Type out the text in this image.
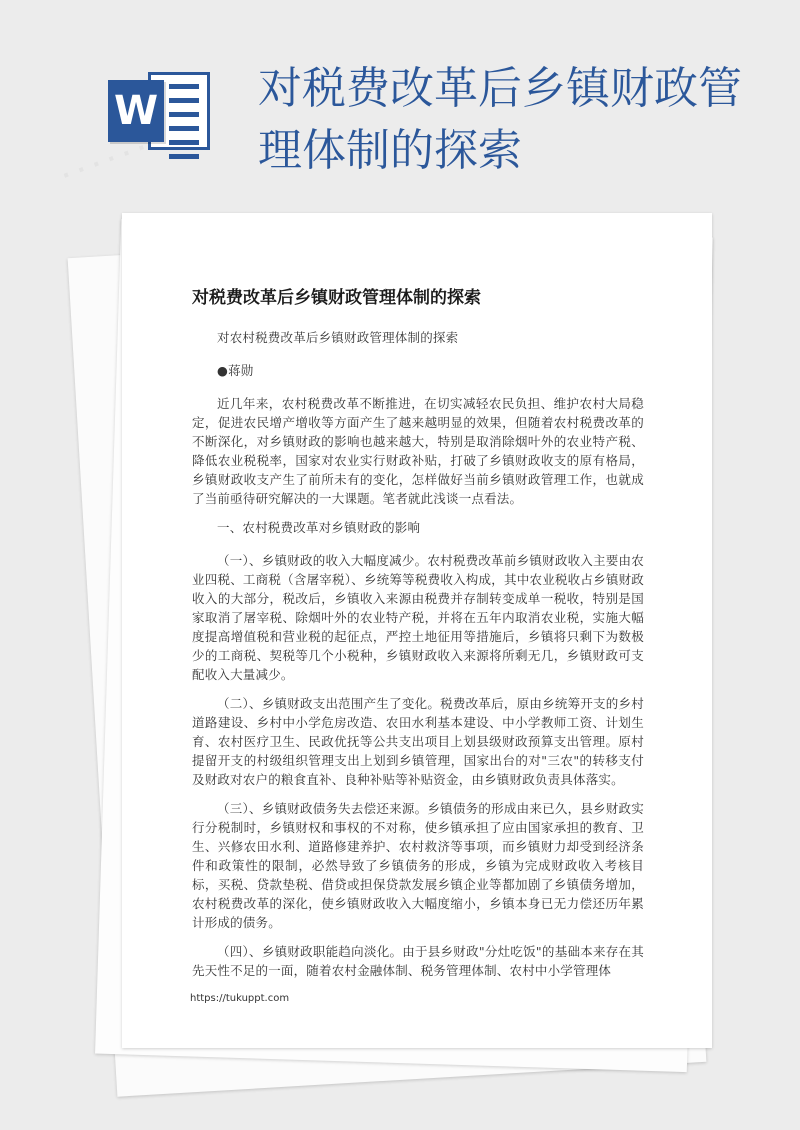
W 对税费改革后乡镇财政管理体制的探索
对税费改革后乡镇财政管理体制的探索

对农村税费改革后乡镇财政管理体制的探索

●蒋勋

近几年来，农村税费改革不断推进，在切实减轻农民负担、维护农村大局稳定，促进农民增产增收等方面产生了越来越明显的效果，但随着农村税费改革的不断深化，对乡镇财政的影响也越来越大，特别是取消除烟叶外的农业特产税、降低农业税税率，国家对农业实行财政补贴，打破了乡镇财政收支的原有格局，乡镇财政收支产生了前所未有的变化，怎样做好当前乡镇财政管理工作，也就成了当前亟待研究解决的一大课题。笔者就此浅谈一点看法。

一、农村税费改革对乡镇财政的影响

（一）、乡镇财政的收入大幅度减少。农村税费改革前乡镇财政收入主要由农业四税、工商税（含屠宰税）、乡统筹等税费收入构成，其中农业税收占乡镇财政收入的大部分，税改后，乡镇收入来源由税费并存制转变成单一税收，特别是国家取消了屠宰税、除烟叶外的农业特产税，并将在五年内取消农业税，实施大幅度提高增值税和营业税的起征点，严控土地征用等措施后，乡镇将只剩下为数极少的工商税、契税等几个小税种，乡镇财政收入来源将所剩无几，乡镇财政可支配收入大量减少。

（二）、乡镇财政支出范围产生了变化。税费改革后，原由乡统筹开支的乡村道路建设、乡村中小学危房改造、农田水利基本建设、中小学教师工资、计划生育、农村医疗卫生、民政优抚等公共支出项目上划县级财政预算支出管理。原村提留开支的村级组织管理支出上划到乡镇管理，国家出台的对"三农"的转移支付及财政对农户的粮食直补、良种补贴等补贴资金，由乡镇财政负责具体落实。

（三）、乡镇财政债务失去偿还来源。乡镇债务的形成由来已久，县乡财政实行分税制时，乡镇财权和事权的不对称，使乡镇承担了应由国家承担的教育、卫生、兴修农田水利、道路修建养护、农村救济等事项，而乡镇财力却受到经济条件和政策性的限制，必然导致了乡镇债务的形成，乡镇为完成财政收入考核目标，买税、贷款垫税、借贷或担保贷款发展乡镇企业等都加剧了乡镇债务增加，农村税费改革的深化，使乡镇财政收入大幅度缩小，乡镇本身已无力偿还历年累计形成的债务。

（四）、乡镇财政职能趋向淡化。由于县乡财政"分灶吃饭"的基础本来存在其先天性不足的一面，随着农村金融体制、税务管理体制、农村中小学管理体

https://tukuppt.com
· · · · · ·
